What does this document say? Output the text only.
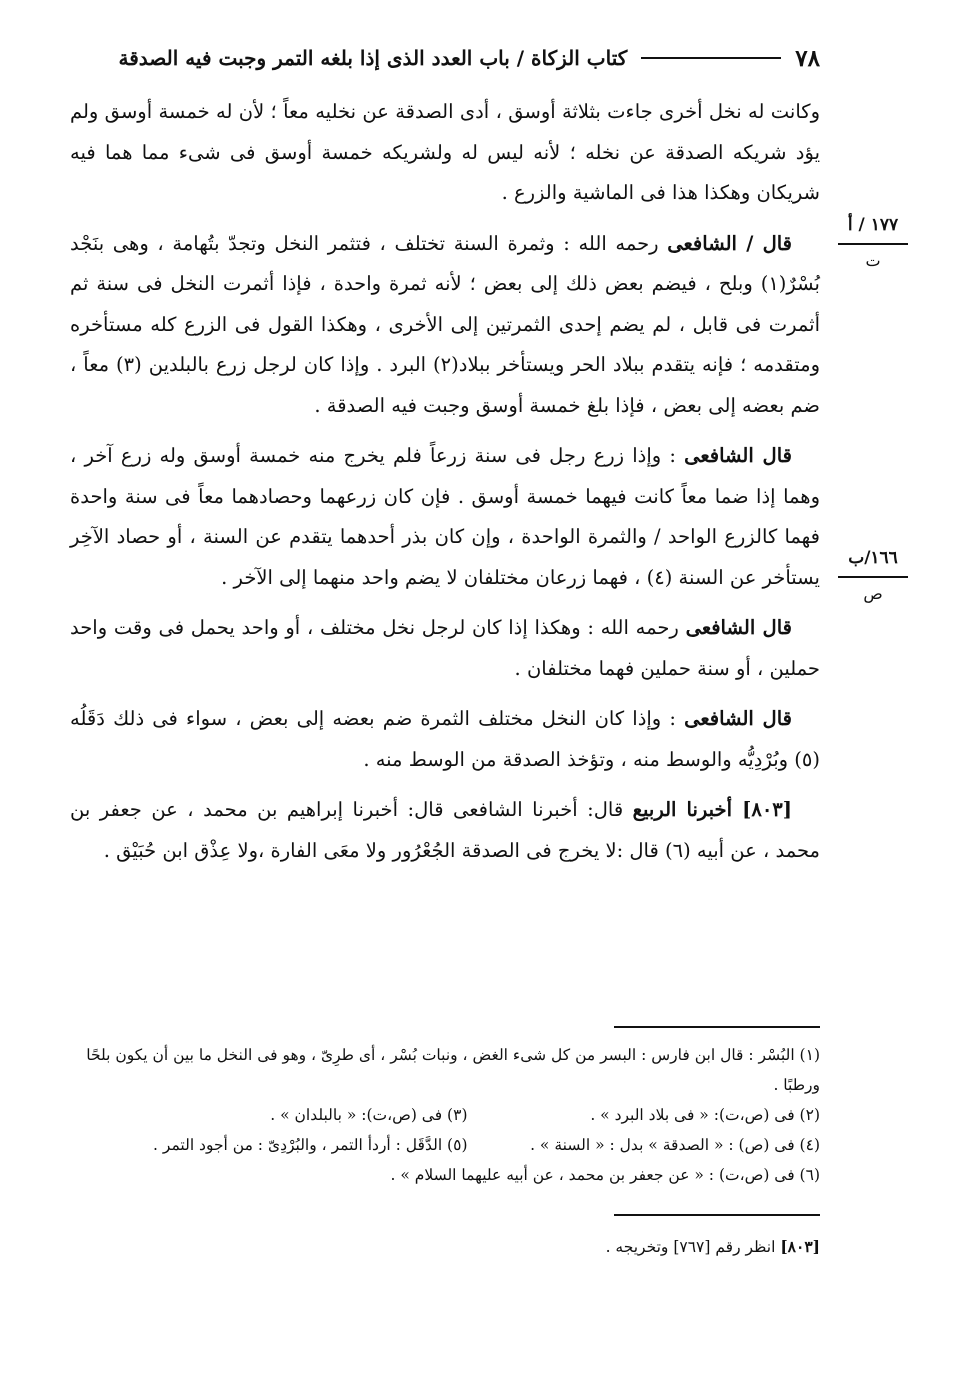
٧٨
كتاب الزكاة / باب العدد الذى إذا بلغه التمر وجبت فيه الصدقة
١٧٧ / أ
ت
١٦٦/ب
ص

وكانت له نخل أخرى جاءت بثلاثة أوسق ، أدى الصدقة عن نخليه معاً ؛ لأن له خمسة أوسق ولم يؤد شريكه الصدقة عن نخله ؛ لأنه ليس له ولشريكه خمسة أوسق فى شىء مما هما فيه شريكان وهكذا هذا فى الماشية والزرع .

قال / الشافعى رحمه الله : وثمرة السنة تختلف ، فتثمر النخل وتجدّ بتُهامة ، وهى بنَجْد بُسْرٌ(١) وبلح ، فيضم بعض ذلك إلى بعض ؛ لأنه ثمرة واحدة ، فإذا أثمرت النخل فى سنة ثم أثمرت فى قابل ، لم يضم إحدى الثمرتين إلى الأخرى ، وهكذا القول فى الزرع كله مستأخره ومتقدمه ؛ فإنه يتقدم ببلاد الحر ويستأخر ببلاد(٢) البرد . وإذا كان لرجل زرع بالبلدين (٣) معاً ، ضم بعضه إلى بعض ، فإذا بلغ خمسة أوسق وجبت فيه الصدقة .

قال الشافعى : وإذا زرع رجل فى سنة زرعاً فلم يخرج منه خمسة أوسق وله زرع آخر ، وهما إذا ضما معاً كانت فيهما خمسة أوسق . فإن كان زرعهما وحصادهما معاً فى سنة واحدة فهما كالزرع الواحد / والثمرة الواحدة ، وإن كان بذر أحدهما يتقدم عن السنة ، أو حصاد الآخِر يستأخر عن السنة (٤) ، فهما زرعان مختلفان لا يضم واحد منهما إلى الآخر .

قال الشافعى رحمه الله : وهكذا إذا كان لرجل نخل مختلف ، أو واحد يحمل فى وقت واحد حملين ، أو سنة حملين فهما مختلفان .

قال الشافعى : وإذا كان النخل مختلف الثمرة ضم بعضه إلى بعض ، سواء فى ذلك دَقَلُه (٥) وبُرْدِيُّه والوسط منه ، وتؤخذ الصدقة من الوسط منه .

[٨٠٣] أخبرنا الربيع قال: أخبرنا الشافعى قال: أخبرنا إبراهيم بن محمد ، عن جعفر بن محمد ، عن أبيه (٦) قال :لا يخرج فى الصدقة الجُعْرُور ولا معَى الفارة ،ولا عِذْق ابن حُبَيْق .

(١) البُسْر : قال ابن فارس : البسر من كل شىء الغض ، ونبات بُسْر ، أى طرِىّ ، وهو فى النخل ما بين أن يكون بلحًا ورطبًا .
(٢) فى (ص،ت): « فى بلاد البرد » .
(٣) فى (ص،ت): « بالبلدان » .
(٤) فى (ص) : « الصدقة » بدل : « السنة » .
(٥) الدَّقَل : أردأ التمر ، والبُرْدِىّ : من أجود التمر .
(٦) فى (ص،ت) : « عن جعفر بن محمد ، عن أبيه عليهما السلام » .
[٨٠٣] انظر رقم [٧٦٧] وتخريجه .
